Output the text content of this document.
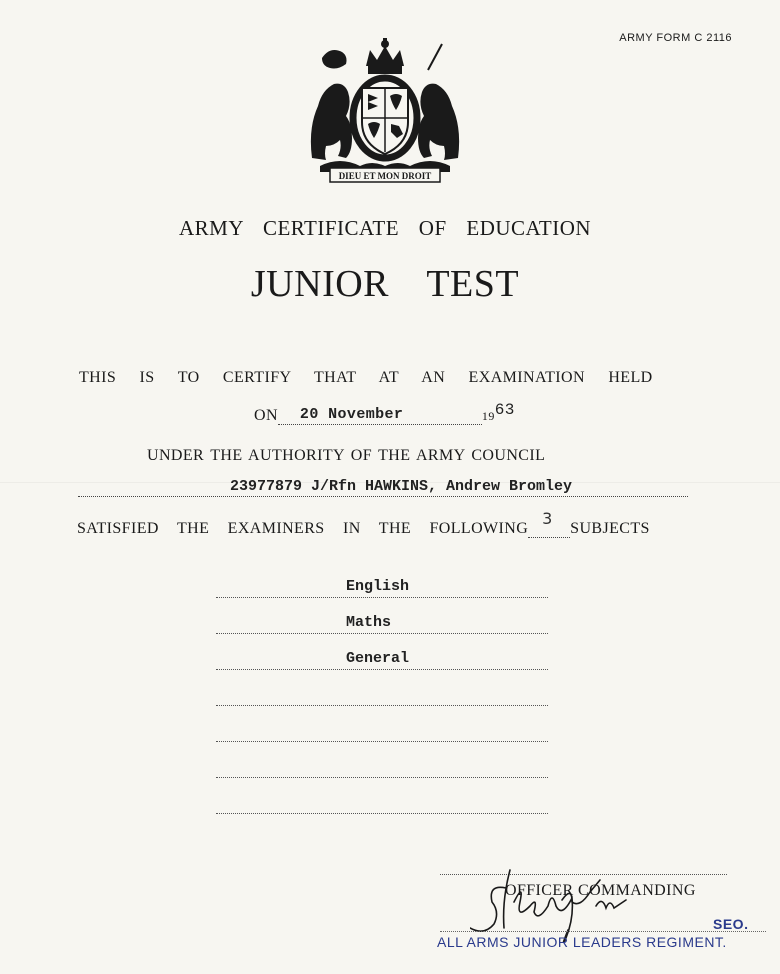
ARMY FORM C 2116
DIEU ET MON DROIT
ARMY CERTIFICATE OF EDUCATION
JUNIOR TEST
THIS IS TO CERTIFY THAT AT AN EXAMINATION HELD
ON 20 November	1963
UNDER THE AUTHORITY OF THE ARMY COUNCIL
23977879 J/Rfn HAWKINS, Andrew Bromley
SATISFIED THE EXAMINERS IN THE FOLLOWING
3
SUBJECTS
English
Maths
General
OFFICER COMMANDING
SEO.
ALL ARMS JUNIOR LEADERS REGIMENT.
